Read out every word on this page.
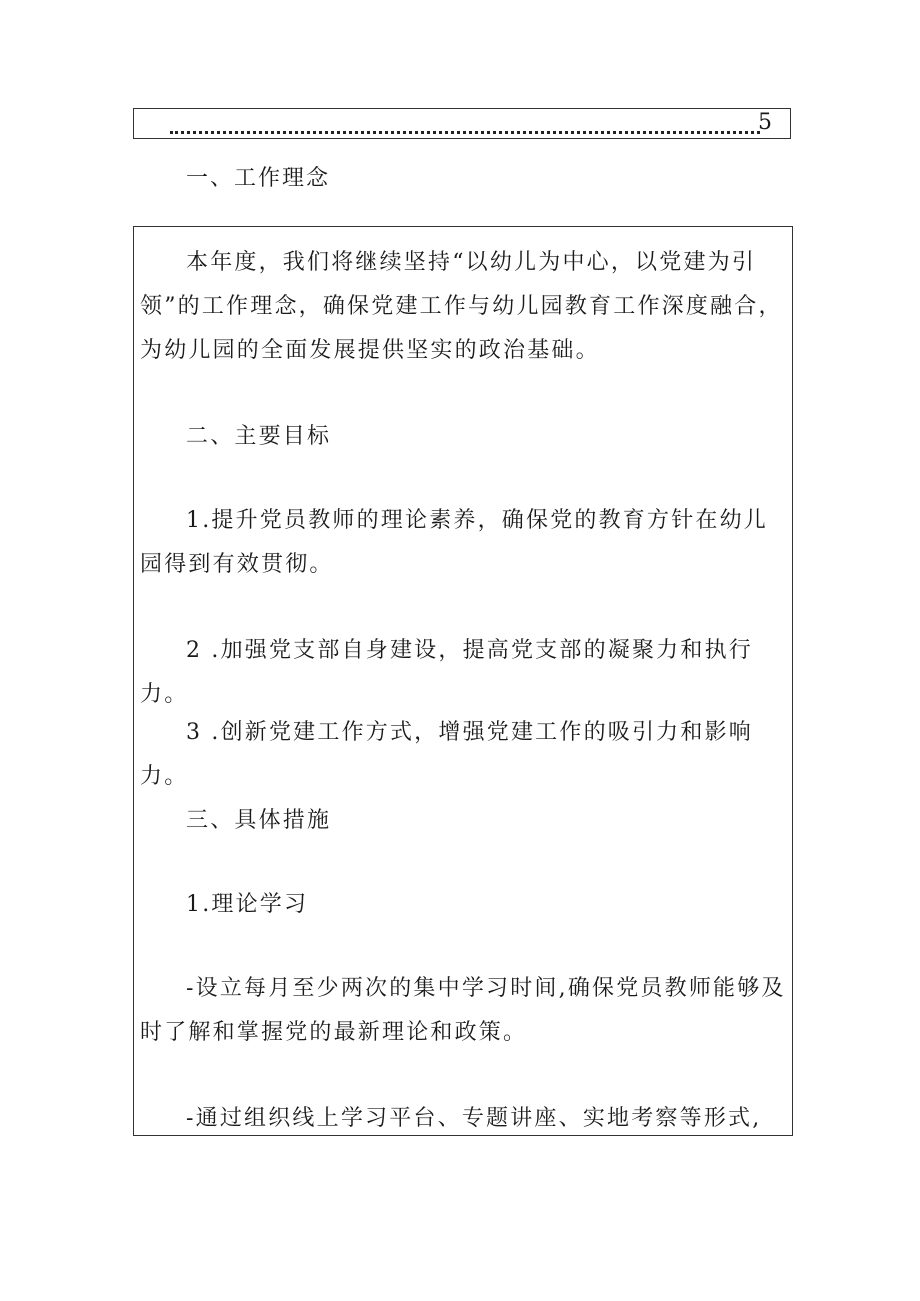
5
一、工作理念

本年度，我们将继续坚持“以幼儿为中心，以党建为引领”的工作理念，确保党建工作与幼儿园教育工作深度融合，为幼儿园的全面发展提供坚实的政治基础。

二、主要目标

1.提升党员教师的理论素养，确保党的教育方针在幼儿园得到有效贯彻。

2 .加强党支部自身建设，提高党支部的凝聚力和执行力。

3 .创新党建工作方式，增强党建工作的吸引力和影响力。

三、具体措施

1.理论学习

-设立每月至少两次的集中学习时间,确保党员教师能够及时了解和掌握党的最新理论和政策。

-通过组织线上学习平台、专题讲座、实地考察等形式,
